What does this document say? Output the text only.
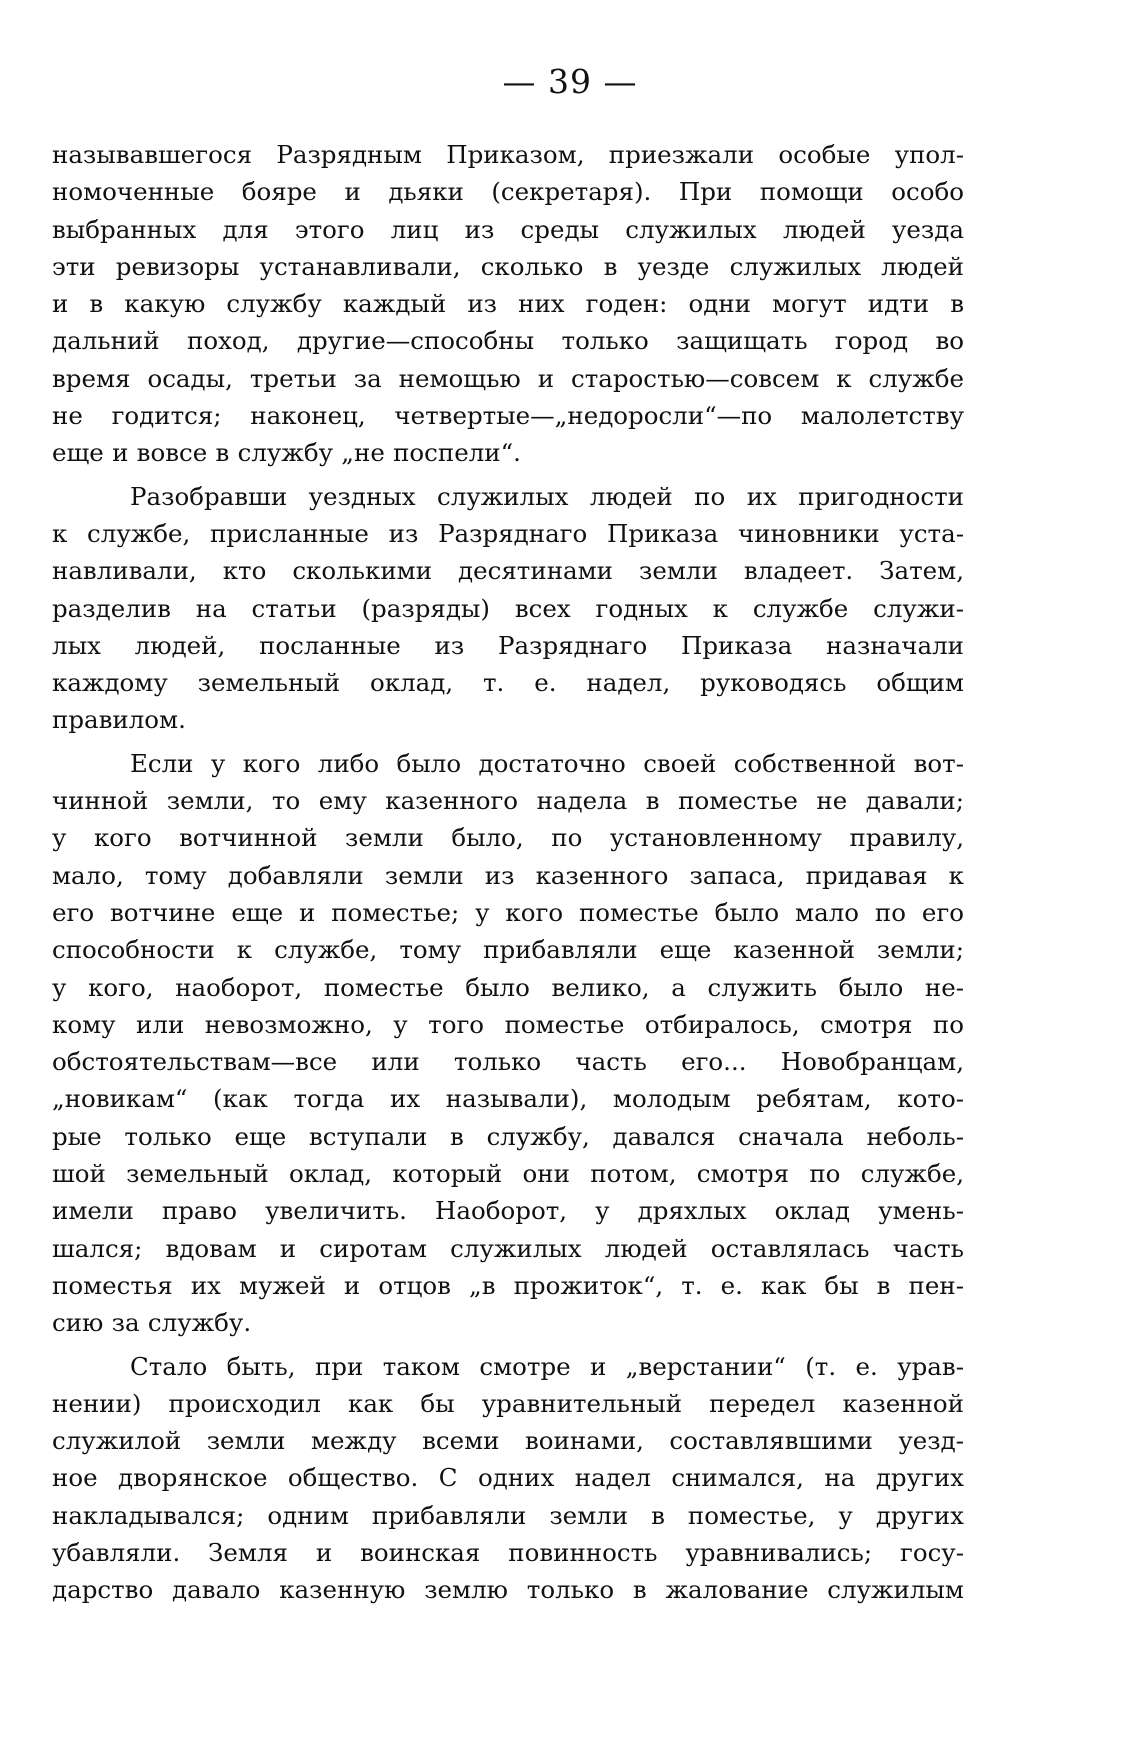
— 39 —
называвшегося Разрядным Приказом, приезжали особые упол-
номоченные бояре и дьяки (секретаря). При помощи особо
выбранных для этого лиц из среды служилых людей уезда
эти ревизоры устанавливали, сколько в уезде служилых людей
и в какую службу каждый из них годен: одни могут идти в
дальний поход, другие—способны только защищать город во
время осады, третьи за немощью и старостью—совсем к службе
не годится; наконец, четвертые—„недоросли“—по малолетству
еще и вовсе в службу „не поспели“.
Разобравши уездных служилых людей по их пригодности
к службе, присланные из Разряднаго Приказа чиновники уста-
навливали, кто сколькими десятинами земли владеет. Затем,
разделив на статьи (разряды) всех годных к службе служи-
лых людей, посланные из Разряднаго Приказа назначали
каждому земельный оклад, т. е. надел, руководясь общим
правилом.
Если у кого либо было достаточно своей собственной вот-
чинной земли, то ему казенного надела в поместье не давали;
у кого вотчинной земли было, по установленному правилу,
мало, тому добавляли земли из казенного запаса, придавая к
его вотчине еще и поместье; у кого поместье было мало по его
способности к службе, тому прибавляли еще казенной земли;
у кого, наоборот, поместье было велико, а служить было не-
кому или невозможно, у того поместье отбиралось, смотря по
обстоятельствам—все или только часть его... Новобранцам,
„новикам“ (как тогда их называли), молодым ребятам, кото-
рые только еще вступали в службу, давался сначала неболь-
шой земельный оклад, который они потом, смотря по службе,
имели право увеличить. Наоборот, у дряхлых оклад умень-
шался; вдовам и сиротам служилых людей оставлялась часть
поместья их мужей и отцов „в прожиток“, т. е. как бы в пен-
сию за службу.
Стало быть, при таком смотре и „верстании“ (т. е. урав-
нении) происходил как бы уравнительный передел казенной
служилой земли между всеми воинами, составлявшими уезд-
ное дворянское общество. С одних надел снимался, на других
накладывался; одним прибавляли земли в поместье, у других
убавляли. Земля и воинская повинность уравнивались; госу-
дарство давало казенную землю только в жалование служилым
